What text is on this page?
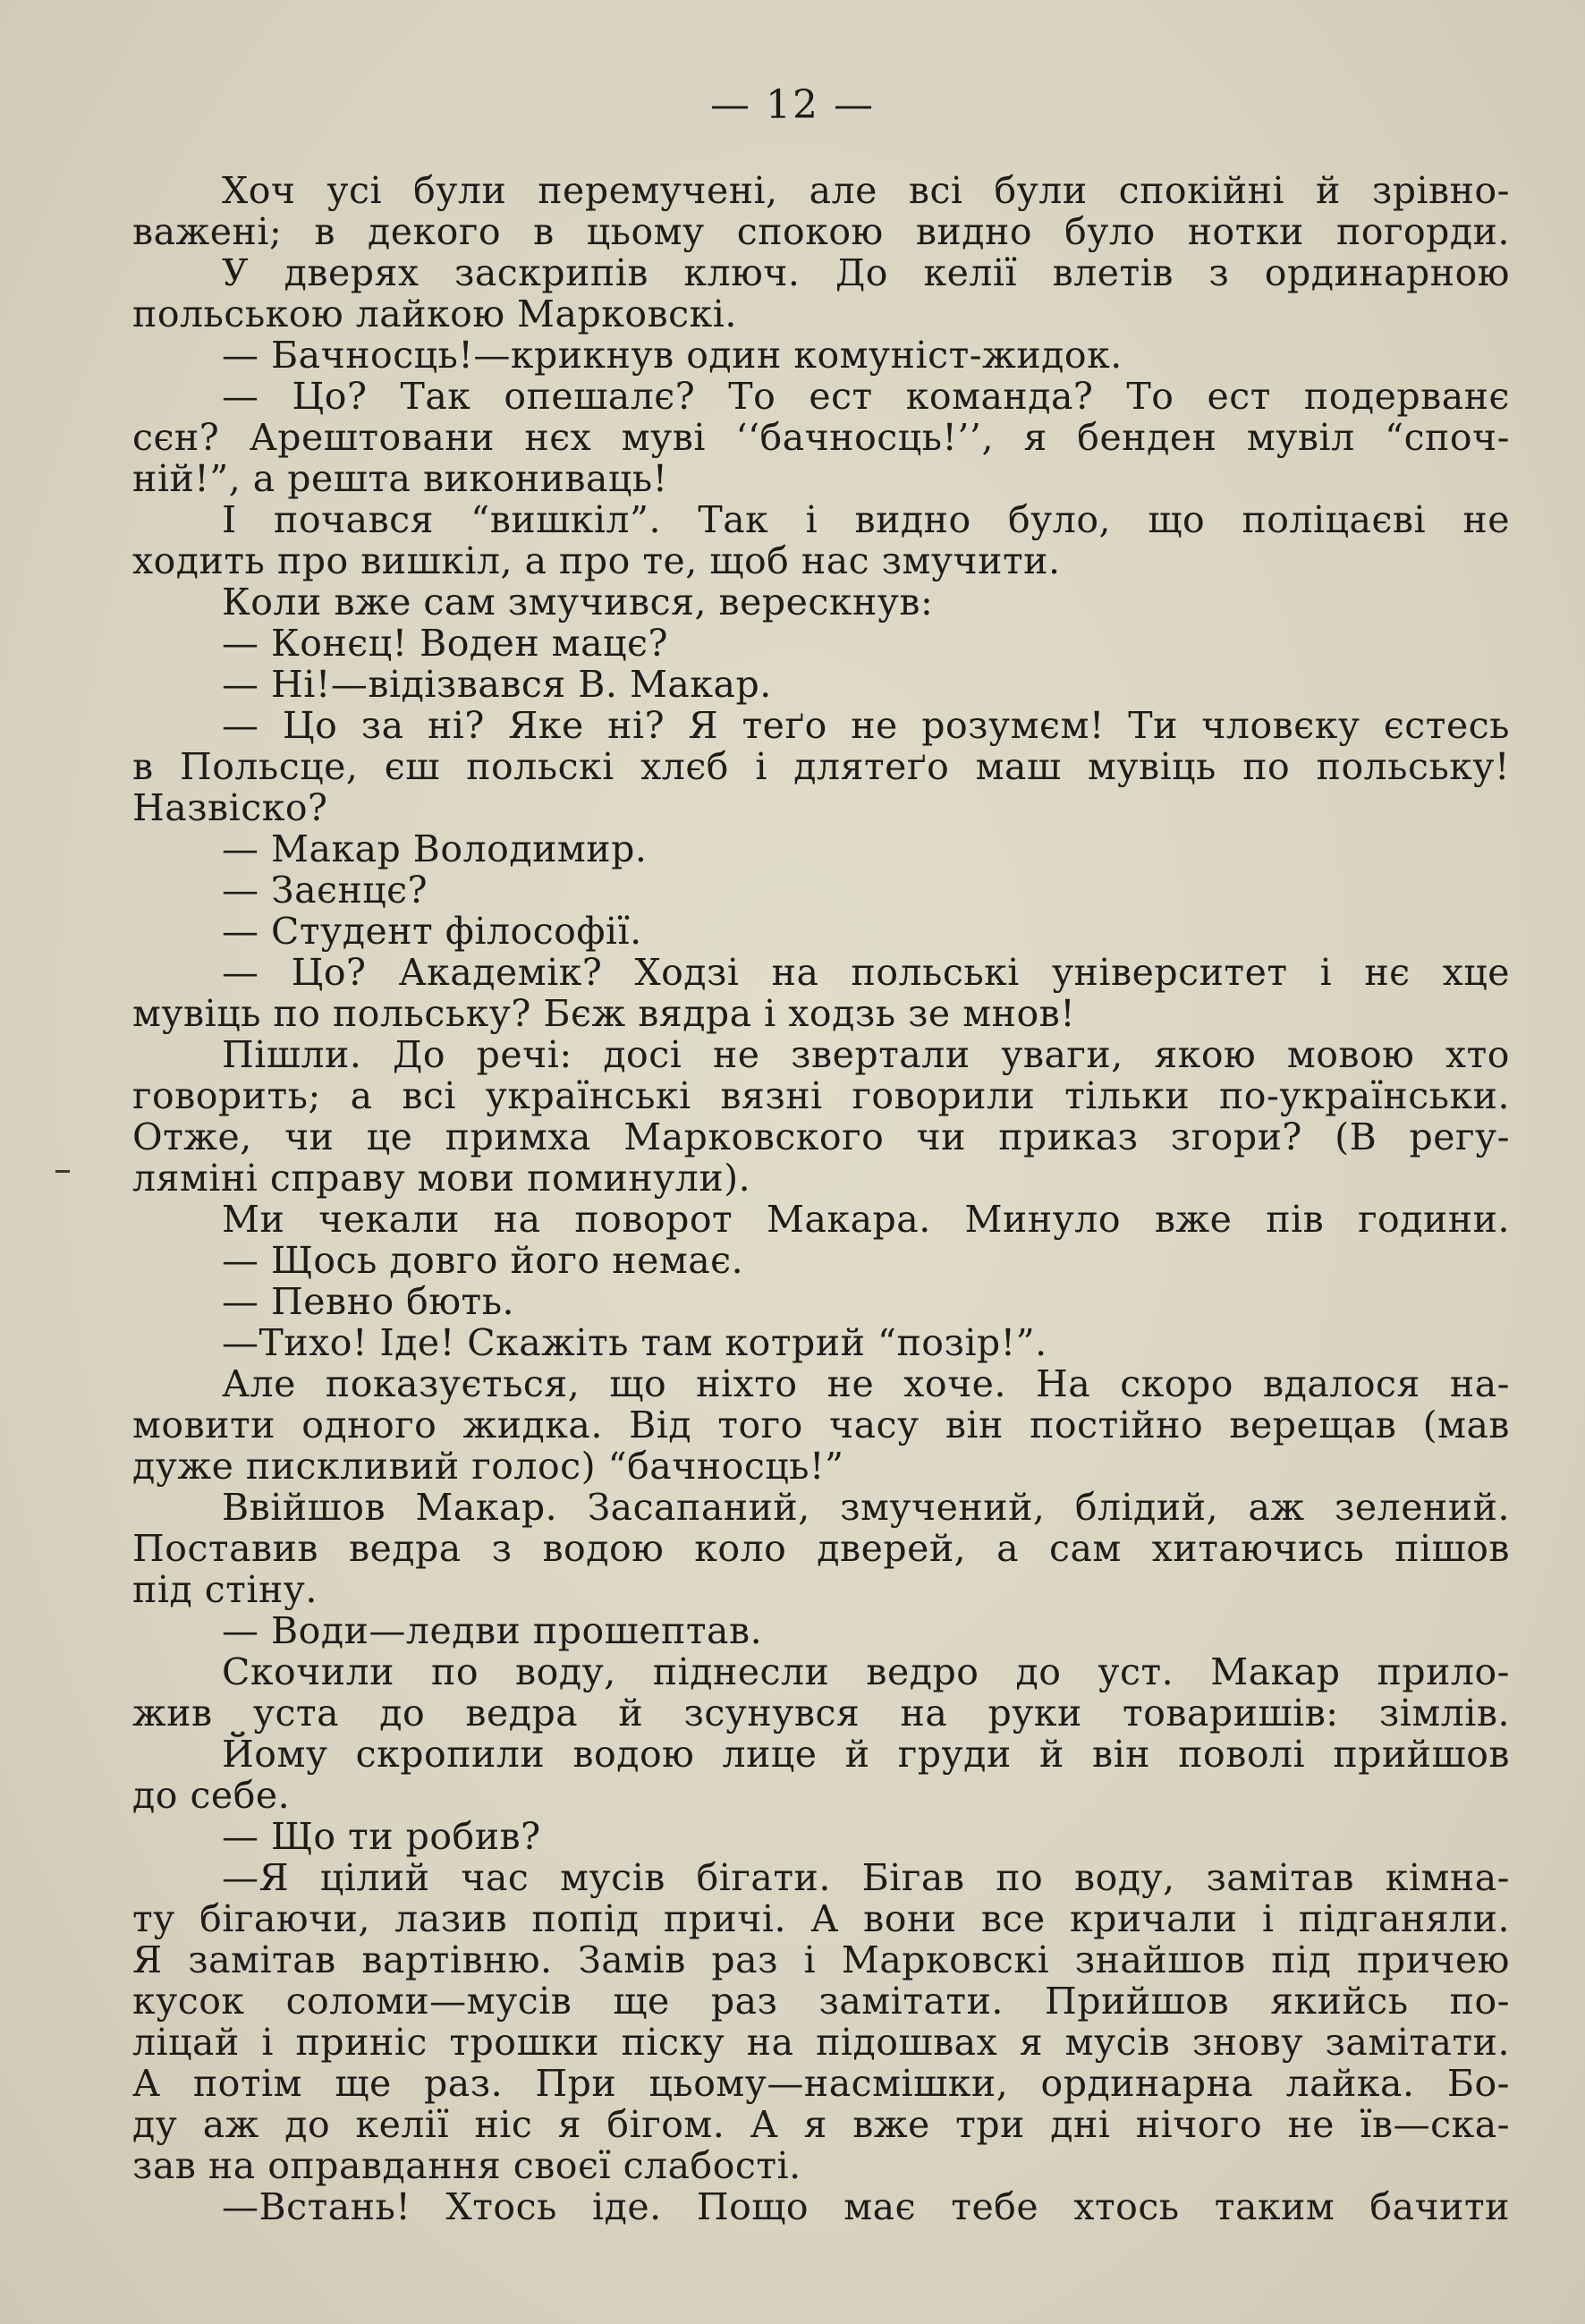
— 12 —
Хоч усі були перемучені, але всі були спокійні й зрівно-
важені; в декого в цьому спокою видно було нотки погорди.
У дверях заскрипів ключ. До келії влетів з ординарною
польською лайкою Марковскі.
— Бачносць!—крикнув один комуніст-жидок.
— Цо? Так опешалє? То ест команда? То ест подерванє
сєн? Арештовани нєх муві ‘‘бачносць!’’, я бенден мувіл “споч-
ній!”, а решта викониваць!
І почався “вишкіл”. Так і видно було, що поліцаєві не
ходить про вишкіл, а про те, щоб нас змучити.
Коли вже сам змучився, верескнув:
— Конєц! Воден мацє?
— Ні!—відізвався В. Макар.
— Цо за ні? Яке ні? Я теґо не розумєм! Ти чловєку єстесь
в Польсце, єш польскі хлєб і длятеґо маш мувіць по польську!
Назвіско?
— Макар Володимир.
— Заєнцє?
— Студент філософії.
— Цо? Академік? Ходзі на польські університет і нє хце
мувіць по польську? Бєж вядра і ходзь зе мнов!
Пішли. До речі: досі не звертали уваги, якою мовою хто
говорить; а всі українські вязні говорили тільки по-українськи.
Отже, чи це примха Марковского чи приказ згори? (В регу-
ляміні справу мови поминули).
Ми чекали на поворот Макара. Минуло вже пів години.
— Щось довго його немає.
— Певно бють.
—Тихо! Іде! Скажіть там котрий “позір!”.
Але показується, що ніхто не хоче. На скоро вдалося на-
мовити одного жидка. Від того часу він постійно верещав (мав
дуже пискливий голос) “бачносць!”
Ввійшов Макар. Засапаний, змучений, блідий, аж зелений.
Поставив ведра з водою коло дверей, а сам хитаючись пішов
під стіну.
— Води—ледви прошептав.
Скочили по воду, піднесли ведро до уст. Макар прило-
жив уста до ведра й зсунувся на руки товаришів: зімлів.
Йому скропили водою лице й груди й він поволі прийшов
до себе.
— Що ти робив?
—Я цілий час мусів бігати. Бігав по воду, замітав кімна-
ту бігаючи, лазив попід причі. А вони все кричали і підганяли.
Я замітав вартівню. Замів раз і Марковскі знайшов під причею
кусок соломи—мусів ще раз замітати. Прийшов якийсь по-
ліцай і приніс трошки піску на підошвах я мусів знову замітати.
А потім ще раз. При цьому—насмішки, ординарна лайка. Бо-
ду аж до келії ніс я бігом. А я вже три дні нічого не їв—ска-
зав на оправдання своєї слабості.
—Встань! Хтось іде. Пощо має тебе хтось таким бачити
